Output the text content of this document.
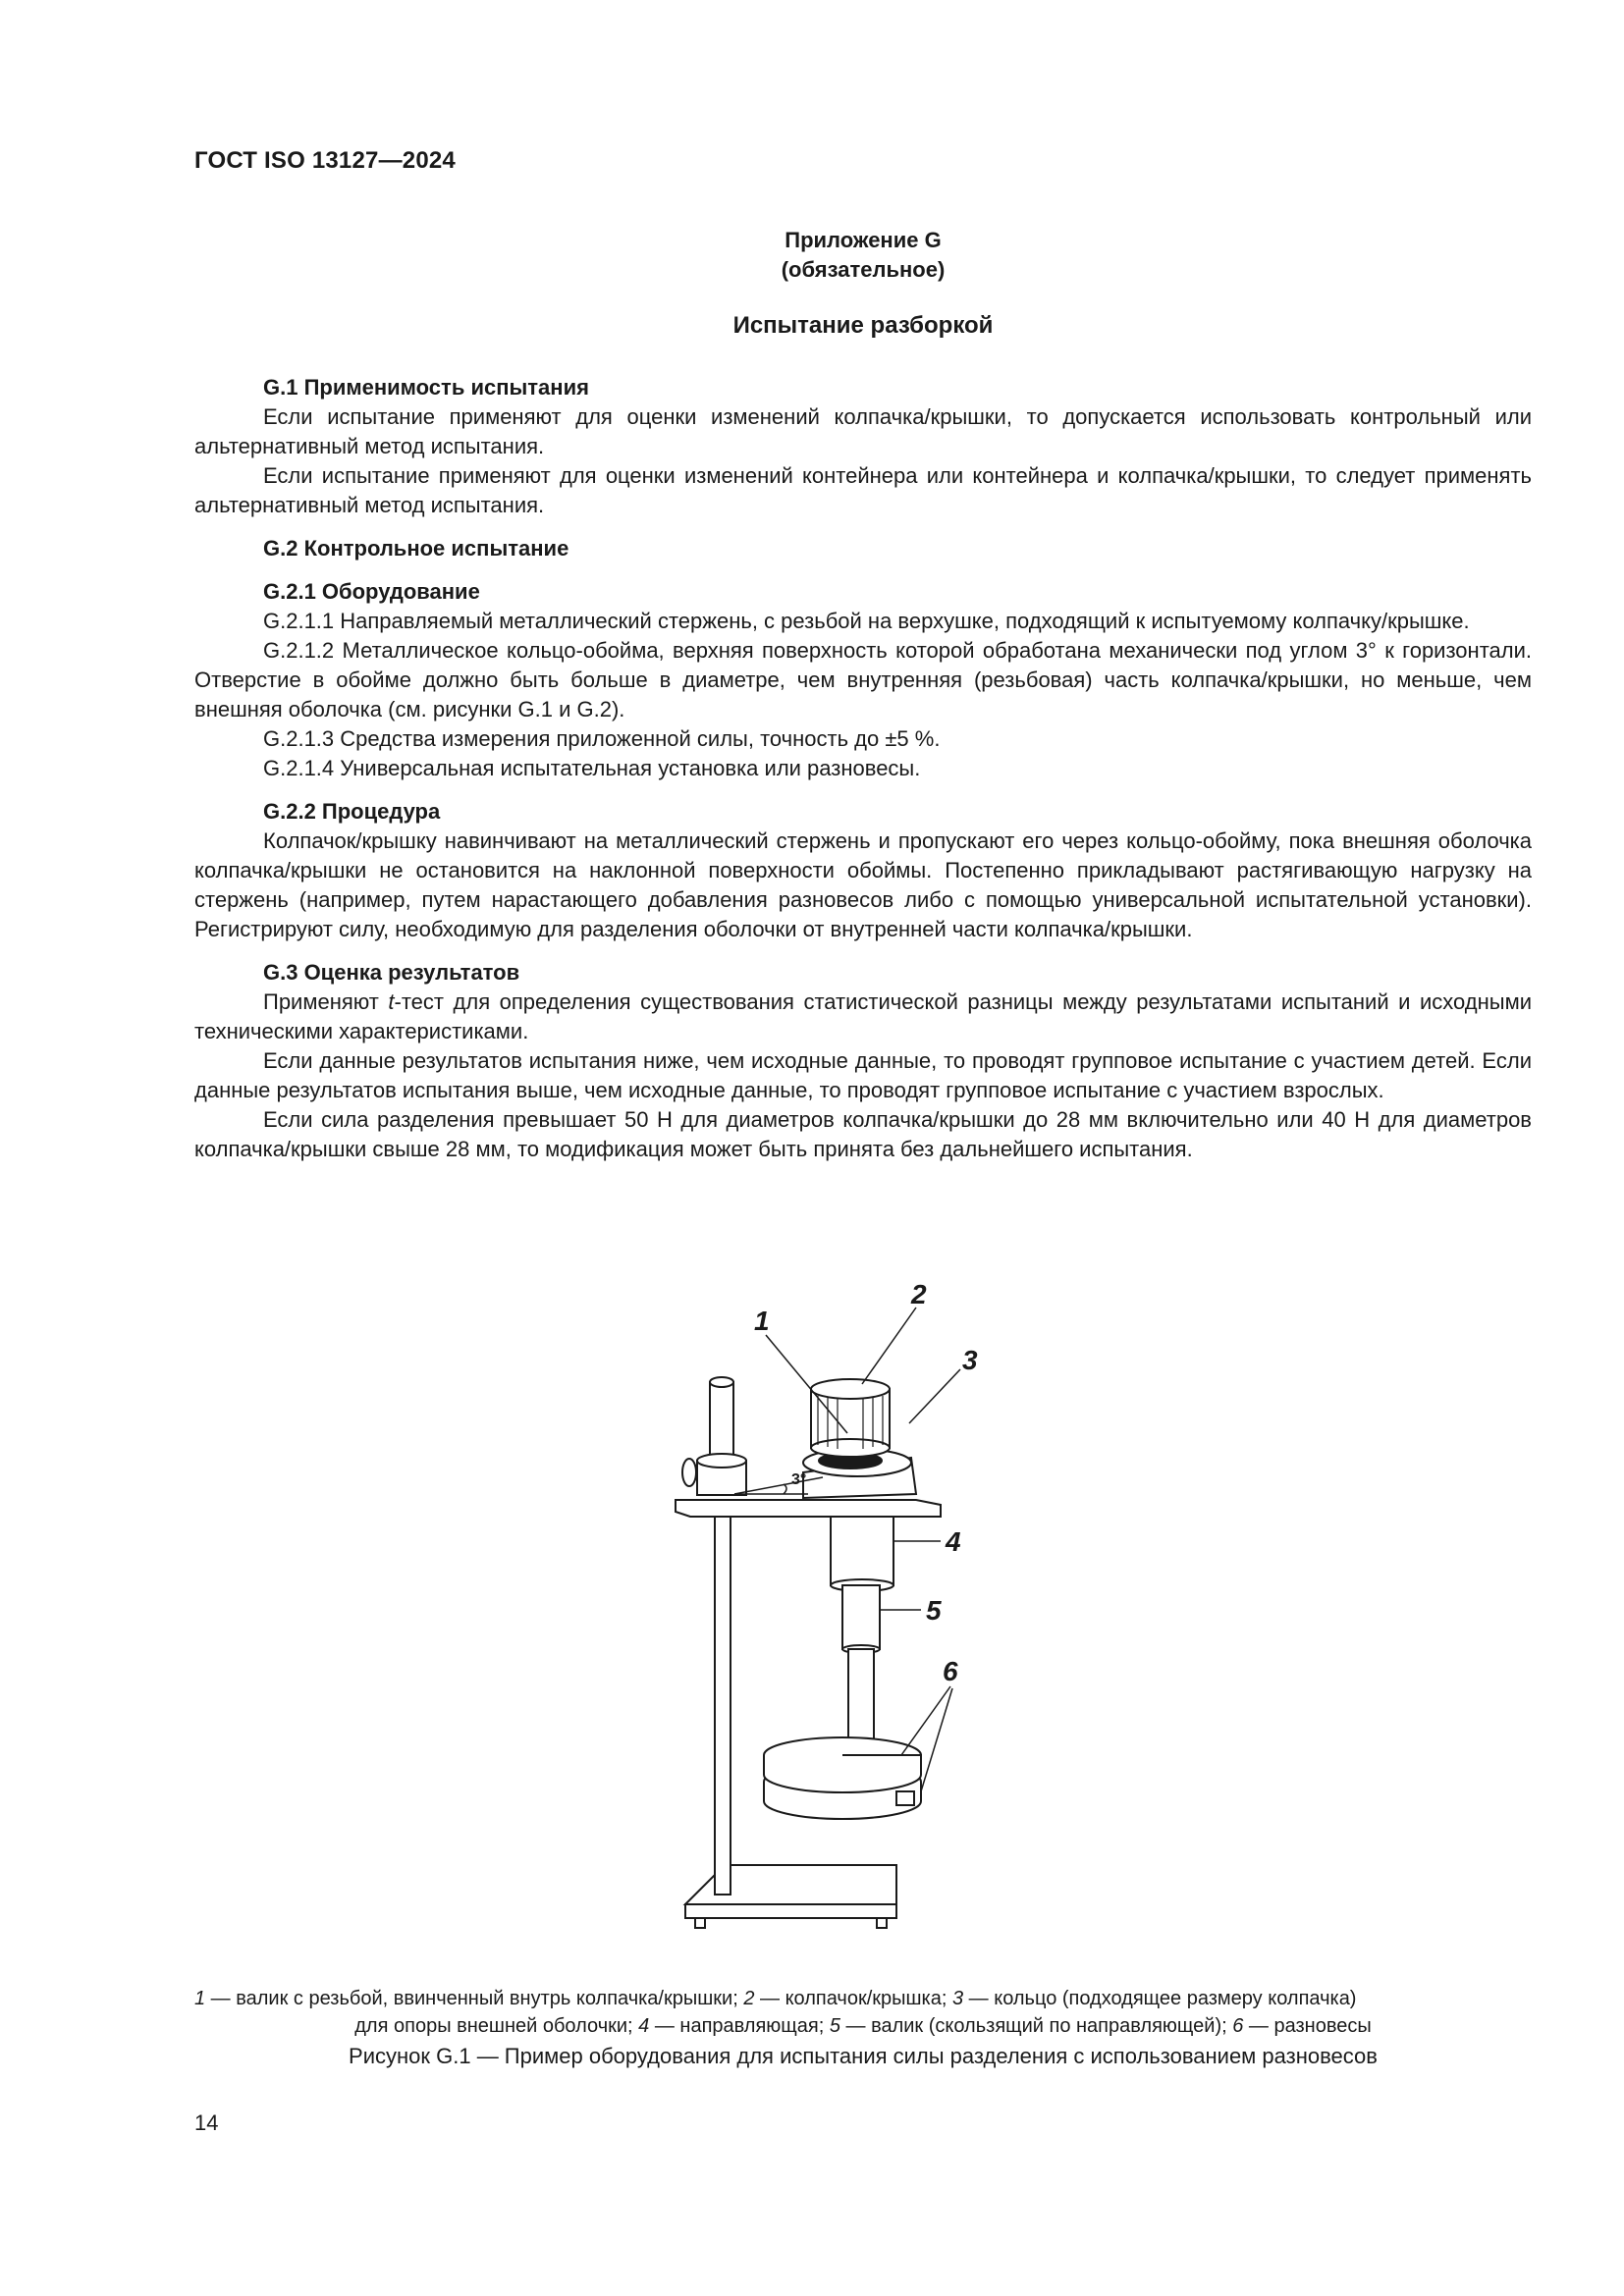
ГОСТ ISO 13127—2024
Приложение G
(обязательное)
Испытание разборкой
G.1 Применимость испытания

Если испытание применяют для оценки изменений колпачка/крышки, то допускается использовать контрольный или альтернативный метод испытания.

Если испытание применяют для оценки изменений контейнера или контейнера и колпачка/крышки, то следует применять альтернативный метод испытания.

G.2 Контрольное испытание
G.2.1 Оборудование

G.2.1.1 Направляемый металлический стержень, с резьбой на верхушке, подходящий к испытуемому колпачку/крышке.

G.2.1.2 Металлическое кольцо-обойма, верхняя поверхность которой обработана механически под углом 3° к горизонтали. Отверстие в обойме должно быть больше в диаметре, чем внутренняя (резьбовая) часть колпачка/крышки, но меньше, чем внешняя оболочка (см. рисунки G.1 и G.2).

G.2.1.3 Средства измерения приложенной силы, точность до ±5 %.

G.2.1.4 Универсальная испытательная установка или разновесы.

G.2.2 Процедура

Колпачок/крышку навинчивают на металлический стержень и пропускают его через кольцо-обойму, пока внешняя оболочка колпачка/крышки не остановится на наклонной поверхности обоймы. Постепенно прикладывают растягивающую нагрузку на стержень (например, путем нарастающего добавления разновесов либо с помощью универсальной испытательной установки). Регистрируют силу, необходимую для разделения оболочки от внутренней части колпачка/крышки.

G.3 Оценка результатов

Применяют t-тест для определения существования статистической разницы между результатами испытаний и исходными техническими характеристиками.

Если данные результатов испытания ниже, чем исходные данные, то проводят групповое испытание с участием детей. Если данные результатов испытания выше, чем исходные данные, то проводят групповое испытание с участием взрослых.

Если сила разделения превышает 50 Н для диаметров колпачка/крышки до 28 мм включительно или 40 Н для диаметров колпачка/крышки свыше 28 мм, то модификация может быть принята без дальнейшего испытания.

1
2
3
4
5
6
3°

1 — валик с резьбой, ввинченный внутрь колпачка/крышки; 2 — колпачок/крышка; 3 — кольцо (подходящее размеру колпачка)

для опоры внешней оболочки; 4 — направляющая; 5 — валик (скользящий по направляющей); 6 — разновесы

Рисунок G.1 — Пример оборудования для испытания силы разделения с использованием разновесов
14
